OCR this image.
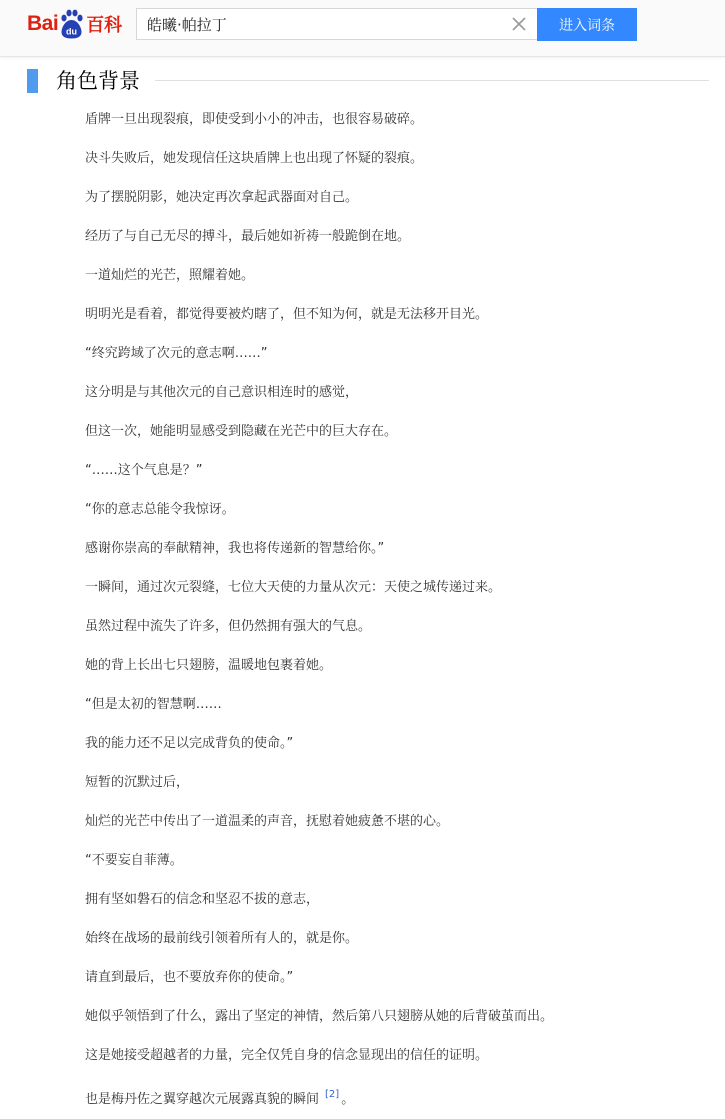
Bai du 百科
皓曦·帕拉丁	进入词条
角色背景
盾牌一旦出现裂痕，即使受到小小的冲击，也很容易破碎。
决斗失败后，她发现信任这块盾牌上也出现了怀疑的裂痕。
为了摆脱阴影，她决定再次拿起武器面对自己。
经历了与自己无尽的搏斗，最后她如祈祷一般跪倒在地。
一道灿烂的光芒，照耀着她。
明明光是看着，都觉得要被灼瞎了，但不知为何，就是无法移开目光。
“终究跨域了次元的意志啊……”
这分明是与其他次元的自己意识相连时的感觉，
但这一次，她能明显感受到隐藏在光芒中的巨大存在。
“……这个气息是？”
“你的意志总能令我惊讶。
感谢你崇高的奉献精神，我也将传递新的智慧给你。”
一瞬间，通过次元裂缝，七位大天使的力量从次元：天使之城传递过来。
虽然过程中流失了许多，但仍然拥有强大的气息。
她的背上长出七只翅膀，温暖地包裹着她。
“但是太初的智慧啊……
我的能力还不足以完成背负的使命。”
短暂的沉默过后，
灿烂的光芒中传出了一道温柔的声音，抚慰着她疲惫不堪的心。
“不要妄自菲薄。
拥有坚如磐石的信念和坚忍不拔的意志，
始终在战场的最前线引领着所有人的，就是你。
请直到最后，也不要放弃你的使命。”
她似乎领悟到了什么，露出了坚定的神情，然后第八只翅膀从她的后背破茧而出。
这是她接受超越者的力量，完全仅凭自身的信念显现出的信任的证明。
也是梅丹佐之翼穿越次元展露真貌的瞬间 [2] 。
